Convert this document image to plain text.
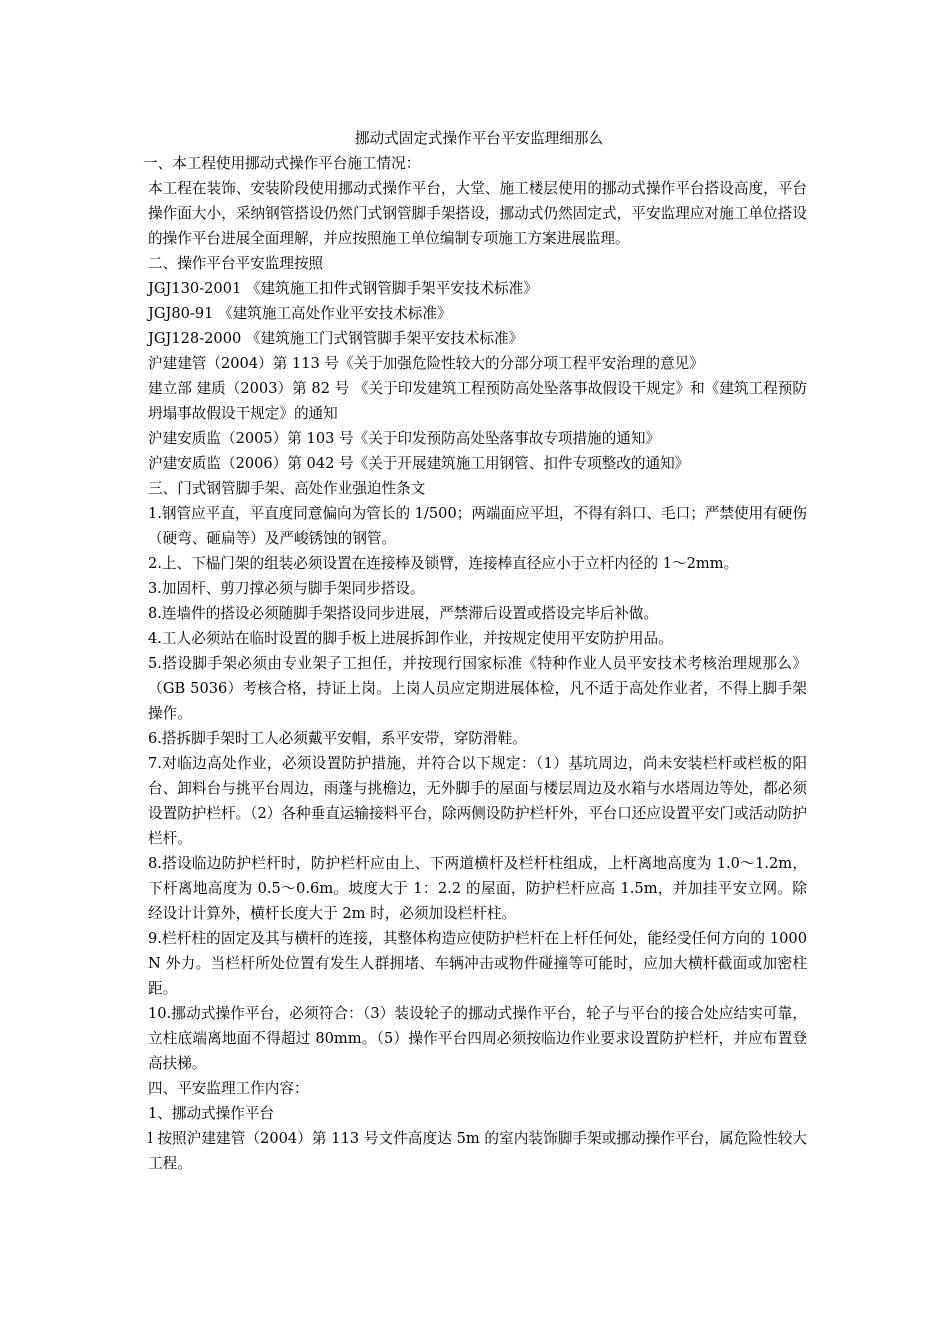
挪动式固定式操作平台平安监理细那么
一、本工程使用挪动式操作平台施工情况：
本工程在装饰、安装阶段使用挪动式操作平台，大堂、施工楼层使用的挪动式操作平台搭设高度，平台操作面大小，采纳钢管搭设仍然门式钢管脚手架搭设，挪动式仍然固定式，平安监理应对施工单位搭设的操作平台进展全面理解，并应按照施工单位编制专项施工方案进展监理。
二、操作平台平安监理按照
JGJ130-2001 《建筑施工扣件式钢管脚手架平安技术标准》
JGJ80-91 《建筑施工高处作业平安技术标准》
JGJ128-2000 《建筑施工门式钢管脚手架平安技术标准》
沪建建管（2004）第 113 号《关于加强危险性较大的分部分项工程平安治理的意见》
建立部 建质（2003）第 82 号 《关于印发建筑工程预防高处坠落事故假设干规定》和《建筑工程预防坍塌事故假设干规定》的通知
沪建安质监（2005）第 103 号《关于印发预防高处坠落事故专项措施的通知》
沪建安质监（2006）第 042 号《关于开展建筑施工用钢管、扣件专项整改的通知》
三、门式钢管脚手架、高处作业强迫性条文
1.钢管应平直，平直度同意偏向为管长的 1/500；两端面应平坦，不得有斜口、毛口；严禁使用有硬伤（硬弯、砸扁等）及严峻锈蚀的钢管。
2.上、下榀门架的组装必须设置在连接棒及锁臂，连接棒直径应小于立杆内径的 1～2mm。
3.加固杆、剪刀撑必须与脚手架同步搭设。
8.连墙件的搭设必须随脚手架搭设同步进展，严禁滞后设置或搭设完毕后补做。
4.工人必须站在临时设置的脚手板上进展拆卸作业，并按规定使用平安防护用品。
5.搭设脚手架必须由专业架子工担任，并按现行国家标准《特种作业人员平安技术考核治理规那么》（GB 5036）考核合格，持证上岗。上岗人员应定期进展体检，凡不适于高处作业者，不得上脚手架操作。
6.搭拆脚手架时工人必须戴平安帽，系平安带，穿防滑鞋。
7.对临边高处作业，必须设置防护措施，并符合以下规定：（1）基坑周边，尚未安装栏杆或栏板的阳台、卸料台与挑平台周边，雨蓬与挑檐边，无外脚手的屋面与楼层周边及水箱与水塔周边等处，都必须设置防护栏杆。（2）各种垂直运输接料平台，除两侧设防护栏杆外，平台口还应设置平安门或活动防护栏杆。
8.搭设临边防护栏杆时，防护栏杆应由上、下两道横杆及栏杆柱组成，上杆离地高度为 1.0～1.2m，下杆离地高度为 0.5～0.6m。坡度大于 1：2.2 的屋面，防护栏杆应高 1.5m，并加挂平安立网。除经设计计算外，横杆长度大于 2m 时，必须加设栏杆柱。
9.栏杆柱的固定及其与横杆的连接，其整体构造应使防护栏杆在上杆任何处，能经受任何方向的 1000N 外力。当栏杆所处位置有发生人群拥堵、车辆冲击或物件碰撞等可能时，应加大横杆截面或加密柱距。
10.挪动式操作平台，必须符合：（3）装设轮子的挪动式操作平台，轮子与平台的接合处应结实可靠，立柱底端离地面不得超过 80mm。（5）操作平台四周必须按临边作业要求设置防护栏杆，并应布置登高扶梯。
四、平安监理工作内容：
1、挪动式操作平台
l 按照沪建建管（2004）第 113 号文件高度达 5m 的室内装饰脚手架或挪动操作平台，属危险性较大工程。
